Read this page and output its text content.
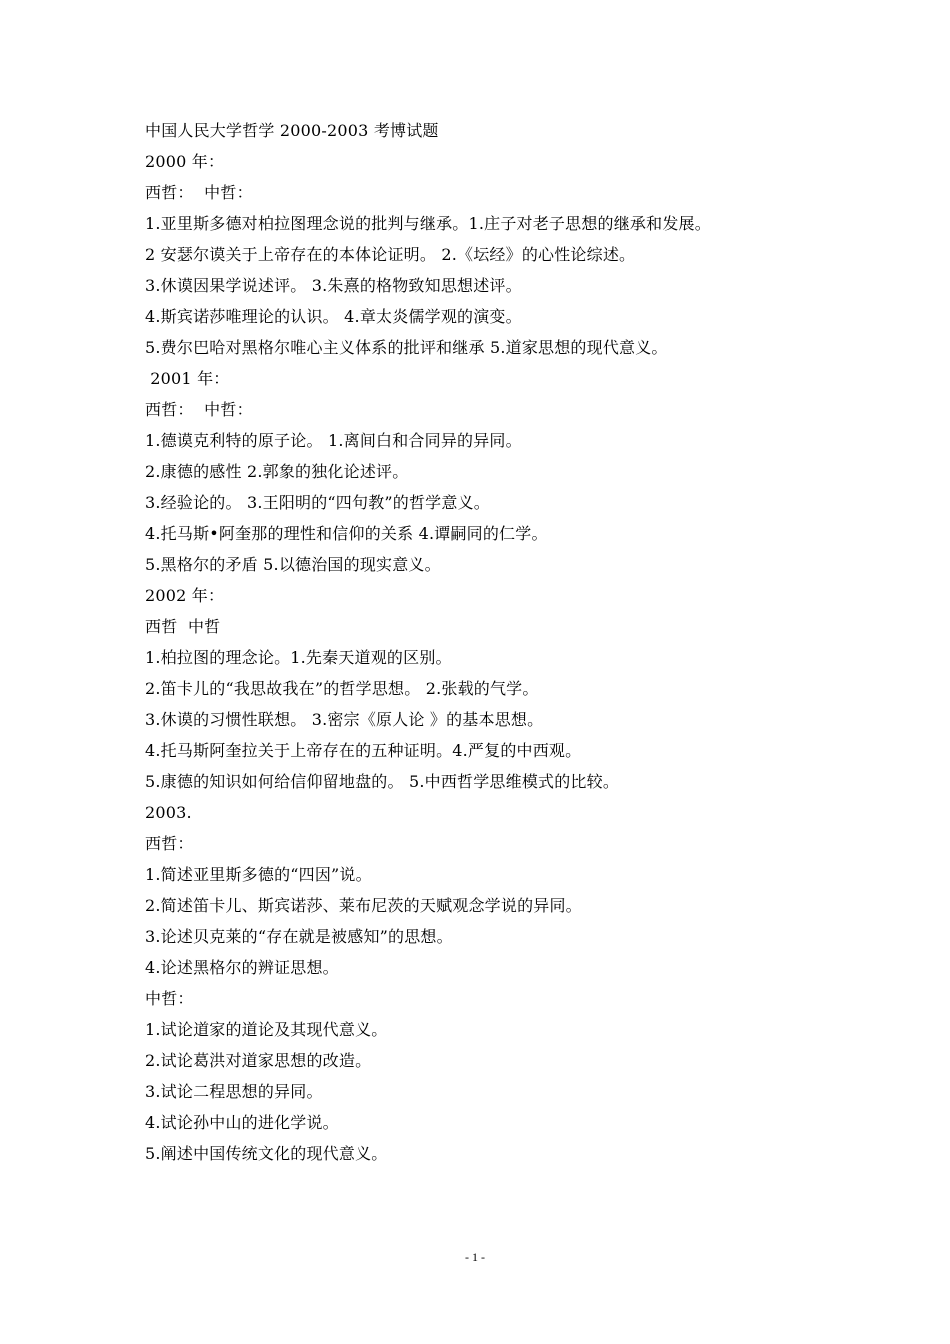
中国人民大学哲学 2000-2003 考博试题
2000 年：
西哲：  中哲：
1.亚里斯多德对柏拉图理念说的批判与继承。1.庄子对老子思想的继承和发展。
2 安瑟尔谟关于上帝存在的本体论证明。 2.《坛经》的心性论综述。
3.休谟因果学说述评。 3.朱熹的格物致知思想述评。
4.斯宾诺莎唯理论的认识。 4.章太炎儒学观的演变。
5.费尔巴哈对黑格尔唯心主义体系的批评和继承 5.道家思想的现代意义。
2001 年：
西哲：  中哲：
1.德谟克利特的原子论。 1.离间白和合同异的异同。
2.康德的感性 2.郭象的独化论述评。
3.经验论的。 3.王阳明的“四句教”的哲学意义。
4.托马斯•阿奎那的理性和信仰的关系 4.谭嗣同的仁学。
5.黑格尔的矛盾 5.以德治国的现实意义。
2002 年：
西哲  中哲
1.柏拉图的理念论。1.先秦天道观的区别。
2.笛卡儿的“我思故我在”的哲学思想。 2.张载的气学。
3.休谟的习惯性联想。 3.密宗《原人论 》的基本思想。
4.托马斯阿奎拉关于上帝存在的五种证明。4.严复的中西观。
5.康德的知识如何给信仰留地盘的。 5.中西哲学思维模式的比较。
2003.
西哲：
1.简述亚里斯多德的“四因”说。
2.简述笛卡儿、斯宾诺莎、莱布尼茨的天赋观念学说的异同。
3.论述贝克莱的“存在就是被感知”的思想。
4.论述黑格尔的辨证思想。
中哲：
1.试论道家的道论及其现代意义。
2.试论葛洪对道家思想的改造。
3.试论二程思想的异同。
4.试论孙中山的进化学说。
5.阐述中国传统文化的现代意义。
- 1 -
